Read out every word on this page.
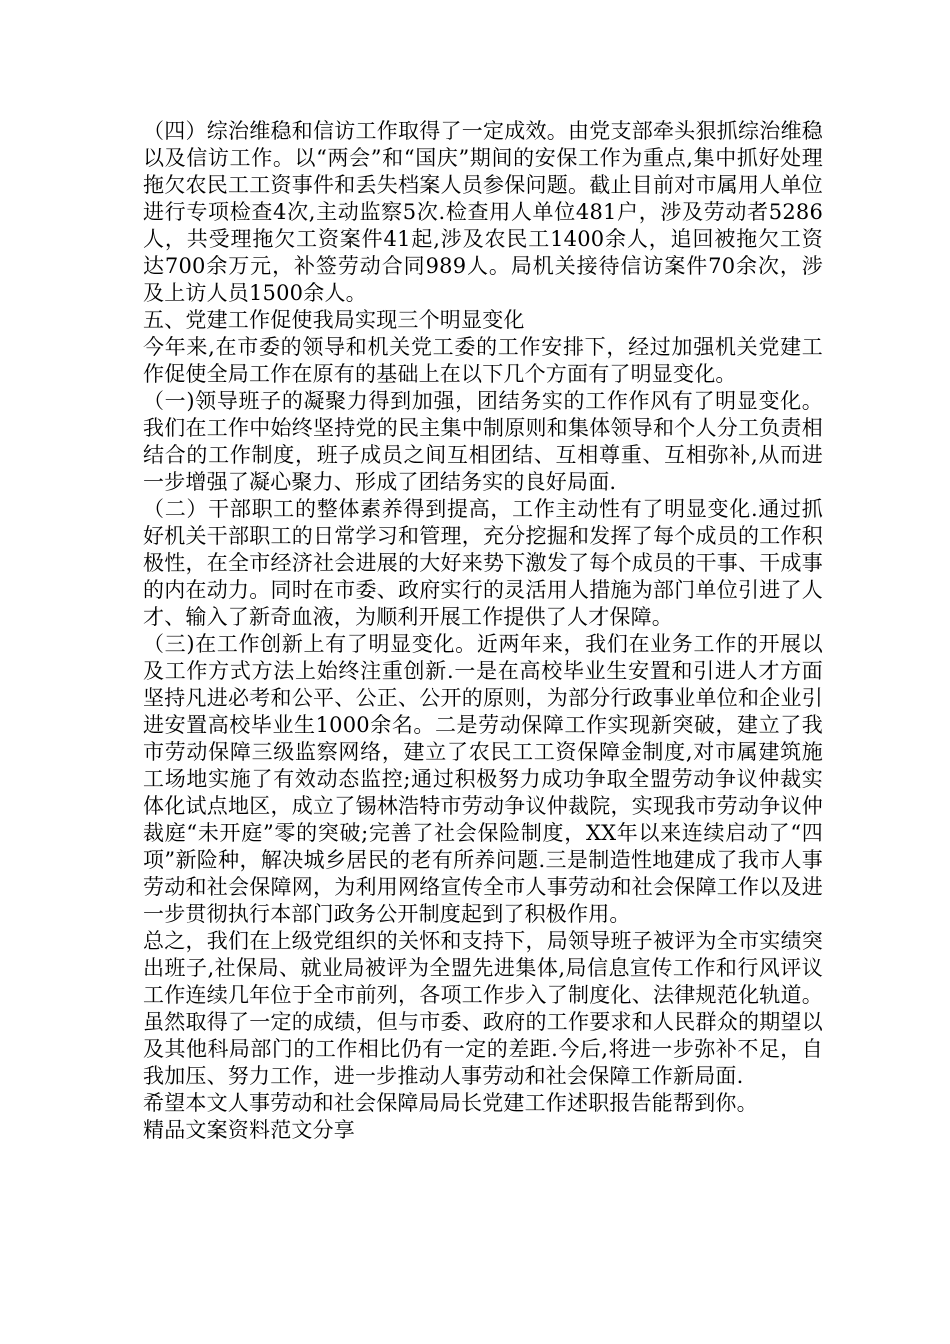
（四）综治维稳和信访工作取得了一定成效。由党支部牵头狠抓综治维稳以及信访工作。以“两会”和“国庆”期间的安保工作为重点,集中抓好处理拖欠农民工工资事件和丢失档案人员参保问题。截止目前对市属用人单位进行专项检查4次,主动监察5次.检查用人单位481户，涉及劳动者5286人，共受理拖欠工资案件41起,涉及农民工1400余人，追回被拖欠工资达700余万元，补签劳动合同989人。局机关接待信访案件70余次，涉及上访人员1500余人。

五、党建工作促使我局实现三个明显变化

今年来,在市委的领导和机关党工委的工作安排下，经过加强机关党建工作促使全局工作在原有的基础上在以下几个方面有了明显变化。

（一)领导班子的凝聚力得到加强，团结务实的工作作风有了明显变化。我们在工作中始终坚持党的民主集中制原则和集体领导和个人分工负责相结合的工作制度，班子成员之间互相团结、互相尊重、互相弥补,从而进一步增强了凝心聚力、形成了团结务实的良好局面.

（二）干部职工的整体素养得到提高，工作主动性有了明显变化.通过抓好机关干部职工的日常学习和管理，充分挖掘和发挥了每个成员的工作积极性，在全市经济社会进展的大好来势下激发了每个成员的干事、干成事的内在动力。同时在市委、政府实行的灵活用人措施为部门单位引进了人才、输入了新奇血液，为顺利开展工作提供了人才保障。

（三)在工作创新上有了明显变化。近两年来，我们在业务工作的开展以及工作方式方法上始终注重创新.一是在高校毕业生安置和引进人才方面坚持凡进必考和公平、公正、公开的原则，为部分行政事业单位和企业引进安置高校毕业生1000余名。二是劳动保障工作实现新突破，建立了我市劳动保障三级监察网络，建立了农民工工资保障金制度,对市属建筑施工场地实施了有效动态监控;通过积极努力成功争取全盟劳动争议仲裁实体化试点地区，成立了锡林浩特市劳动争议仲裁院，实现我市劳动争议仲裁庭“未开庭”零的突破;完善了社会保险制度，XX年以来连续启动了“四项”新险种，解决城乡居民的老有所养问题.三是制造性地建成了我市人事劳动和社会保障网，为利用网络宣传全市人事劳动和社会保障工作以及进一步贯彻执行本部门政务公开制度起到了积极作用。

总之，我们在上级党组织的关怀和支持下，局领导班子被评为全市实绩突出班子,社保局、就业局被评为全盟先进集体,局信息宣传工作和行风评议工作连续几年位于全市前列，各项工作步入了制度化、法律规范化轨道。虽然取得了一定的成绩，但与市委、政府的工作要求和人民群众的期望以及其他科局部门的工作相比仍有一定的差距.今后,将进一步弥补不足，自我加压、努力工作，进一步推动人事劳动和社会保障工作新局面.

希望本文人事劳动和社会保障局局长党建工作述职报告能帮到你。

精品文案资料范文分享
